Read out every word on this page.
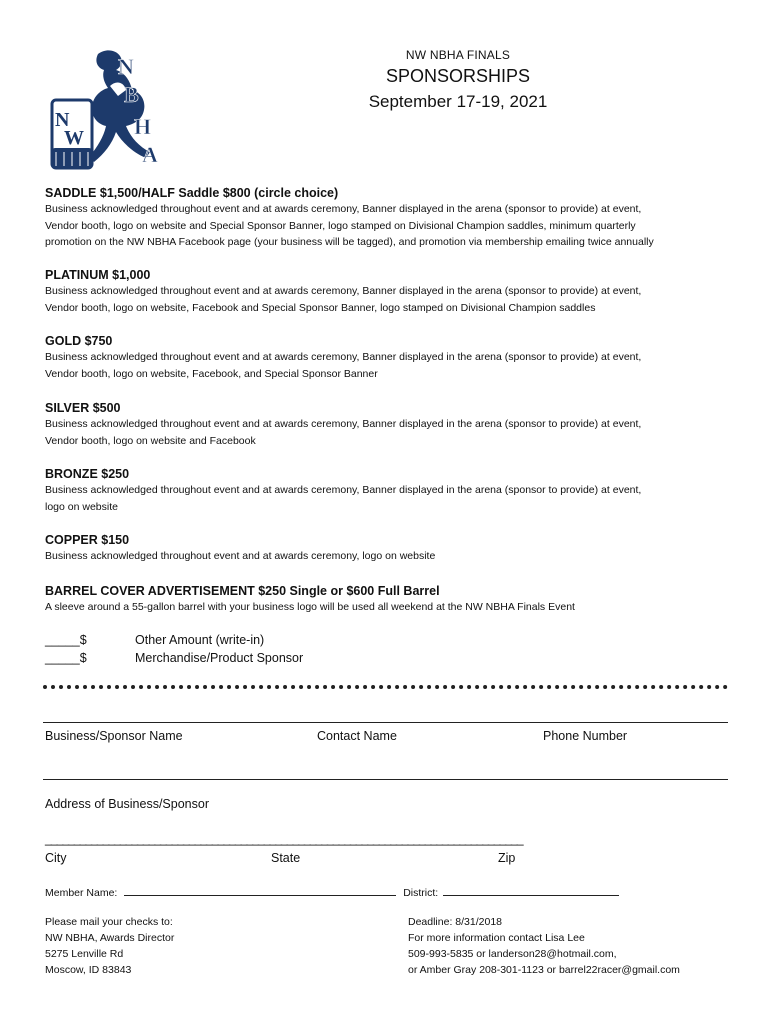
N
B
H
A
N
W
NW NBHA FINALS
SPONSORSHIPS
September 17-19, 2021
SADDLE $1,500/HALF Saddle $800 (circle choice)
Business acknowledged throughout event and at awards ceremony, Banner displayed in the arena (sponsor to provide) at event,
Vendor booth, logo on website and Special Sponsor Banner, logo stamped on Divisional Champion saddles, minimum quarterly
promotion on the NW NBHA Facebook page (your business will be tagged), and promotion via membership emailing twice annually
PLATINUM $1,000
Business acknowledged throughout event and at awards ceremony, Banner displayed in the arena (sponsor to provide) at event,
Vendor booth, logo on website, Facebook and Special Sponsor Banner, logo stamped on Divisional Champion saddles
GOLD $750
Business acknowledged throughout event and at awards ceremony, Banner displayed in the arena (sponsor to provide) at event,
Vendor booth, logo on website, Facebook, and Special Sponsor Banner
SILVER $500
Business acknowledged throughout event and at awards ceremony, Banner displayed in the arena (sponsor to provide) at event,
Vendor booth, logo on website and Facebook
BRONZE $250
Business acknowledged throughout event and at awards ceremony, Banner displayed in the arena (sponsor to provide) at event,
logo on website
COPPER $150
Business acknowledged throughout event and at awards ceremony, logo on website
BARREL COVER ADVERTISEMENT $250 Single or $600 Full Barrel
A sleeve around a 55-gallon barrel with your business logo will be used all weekend at the NW NBHA Finals Event
_____$	Other Amount (write-in)
_____$	Merchandise/Product Sponsor
Business/Sponsor Name	Contact Name	Phone Number
Address of Business/Sponsor
___________________________________________________________________________________
City	State	Zip
Member Name:	District:
Please mail your checks to:
NW NBHA, Awards Director
5275 Lenville Rd
Moscow, ID 83843
Deadline: 8/31/2018
For more information contact Lisa Lee
509-993-5835 or landerson28@hotmail.com,
or Amber Gray 208-301-1123 or barrel22racer@gmail.com
